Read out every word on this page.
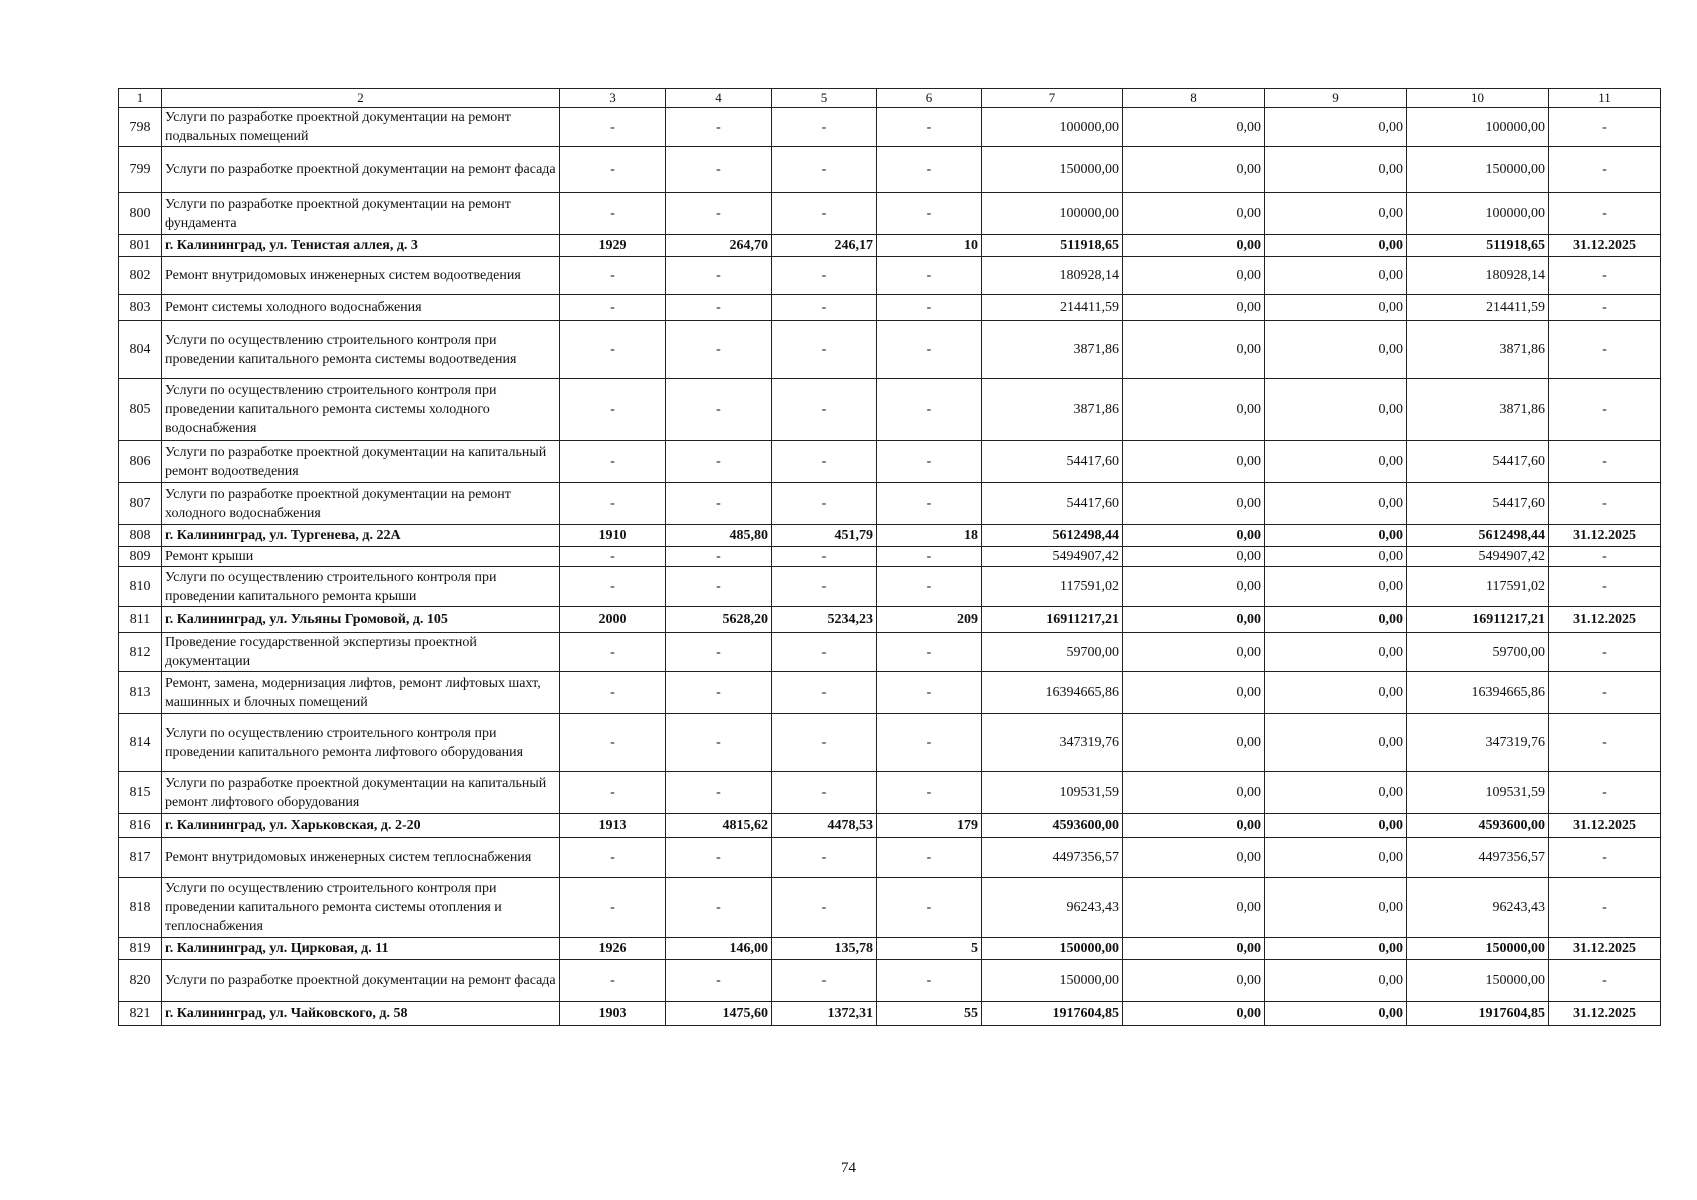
1	2	3	4	5	6	7	8	9	10	11
798	Услуги по разработке проектной документации на ремонт подвальных помещений	-	-	-	-	100000,00	0,00	0,00	100000,00	-
799	Услуги по разработке проектной документации на ремонт фасада	-	-	-	-	150000,00	0,00	0,00	150000,00	-
800	Услуги по разработке проектной документации на ремонт фундамента	-	-	-	-	100000,00	0,00	0,00	100000,00	-
801	г. Калининград, ул. Тенистая аллея, д. 3	1929	264,70	246,17	10	511918,65	0,00	0,00	511918,65	31.12.2025
802	Ремонт внутридомовых инженерных систем водоотведения	-	-	-	-	180928,14	0,00	0,00	180928,14	-
803	Ремонт системы холодного водоснабжения	-	-	-	-	214411,59	0,00	0,00	214411,59	-
804	Услуги по осуществлению строительного контроля при проведении капитального ремонта системы водоотведения	-	-	-	-	3871,86	0,00	0,00	3871,86	-
805	Услуги по осуществлению строительного контроля при проведении капитального ремонта системы холодного водоснабжения	-	-	-	-	3871,86	0,00	0,00	3871,86	-
806	Услуги по разработке проектной документации на капитальный ремонт водоотведения	-	-	-	-	54417,60	0,00	0,00	54417,60	-
807	Услуги по разработке проектной документации на ремонт холодного водоснабжения	-	-	-	-	54417,60	0,00	0,00	54417,60	-
808	г. Калининград, ул. Тургенева, д. 22А	1910	485,80	451,79	18	5612498,44	0,00	0,00	5612498,44	31.12.2025
809	Ремонт крыши	-	-	-	-	5494907,42	0,00	0,00	5494907,42	-
810	Услуги по осуществлению строительного контроля при проведении капитального ремонта крыши	-	-	-	-	117591,02	0,00	0,00	117591,02	-
811	г. Калининград, ул. Ульяны Громовой, д. 105	2000	5628,20	5234,23	209	16911217,21	0,00	0,00	16911217,21	31.12.2025
812	Проведение государственной экспертизы проектной документации	-	-	-	-	59700,00	0,00	0,00	59700,00	-
813	Ремонт, замена, модернизация лифтов, ремонт лифтовых шахт, машинных и блочных помещений	-	-	-	-	16394665,86	0,00	0,00	16394665,86	-
814	Услуги по осуществлению строительного контроля при проведении капитального ремонта лифтового оборудования	-	-	-	-	347319,76	0,00	0,00	347319,76	-
815	Услуги по разработке проектной документации на капитальный ремонт лифтового оборудования	-	-	-	-	109531,59	0,00	0,00	109531,59	-
816	г. Калининград, ул. Харьковская, д. 2-20	1913	4815,62	4478,53	179	4593600,00	0,00	0,00	4593600,00	31.12.2025
817	Ремонт внутридомовых инженерных систем теплоснабжения	-	-	-	-	4497356,57	0,00	0,00	4497356,57	-
818	Услуги по осуществлению строительного контроля при проведении капитального ремонта системы отопления и теплоснабжения	-	-	-	-	96243,43	0,00	0,00	96243,43	-
819	г. Калининград, ул. Цирковая, д. 11	1926	146,00	135,78	5	150000,00	0,00	0,00	150000,00	31.12.2025
820	Услуги по разработке проектной документации на ремонт фасада	-	-	-	-	150000,00	0,00	0,00	150000,00	-
821	г. Калининград, ул. Чайковского, д. 58	1903	1475,60	1372,31	55	1917604,85	0,00	0,00	1917604,85	31.12.2025
74
